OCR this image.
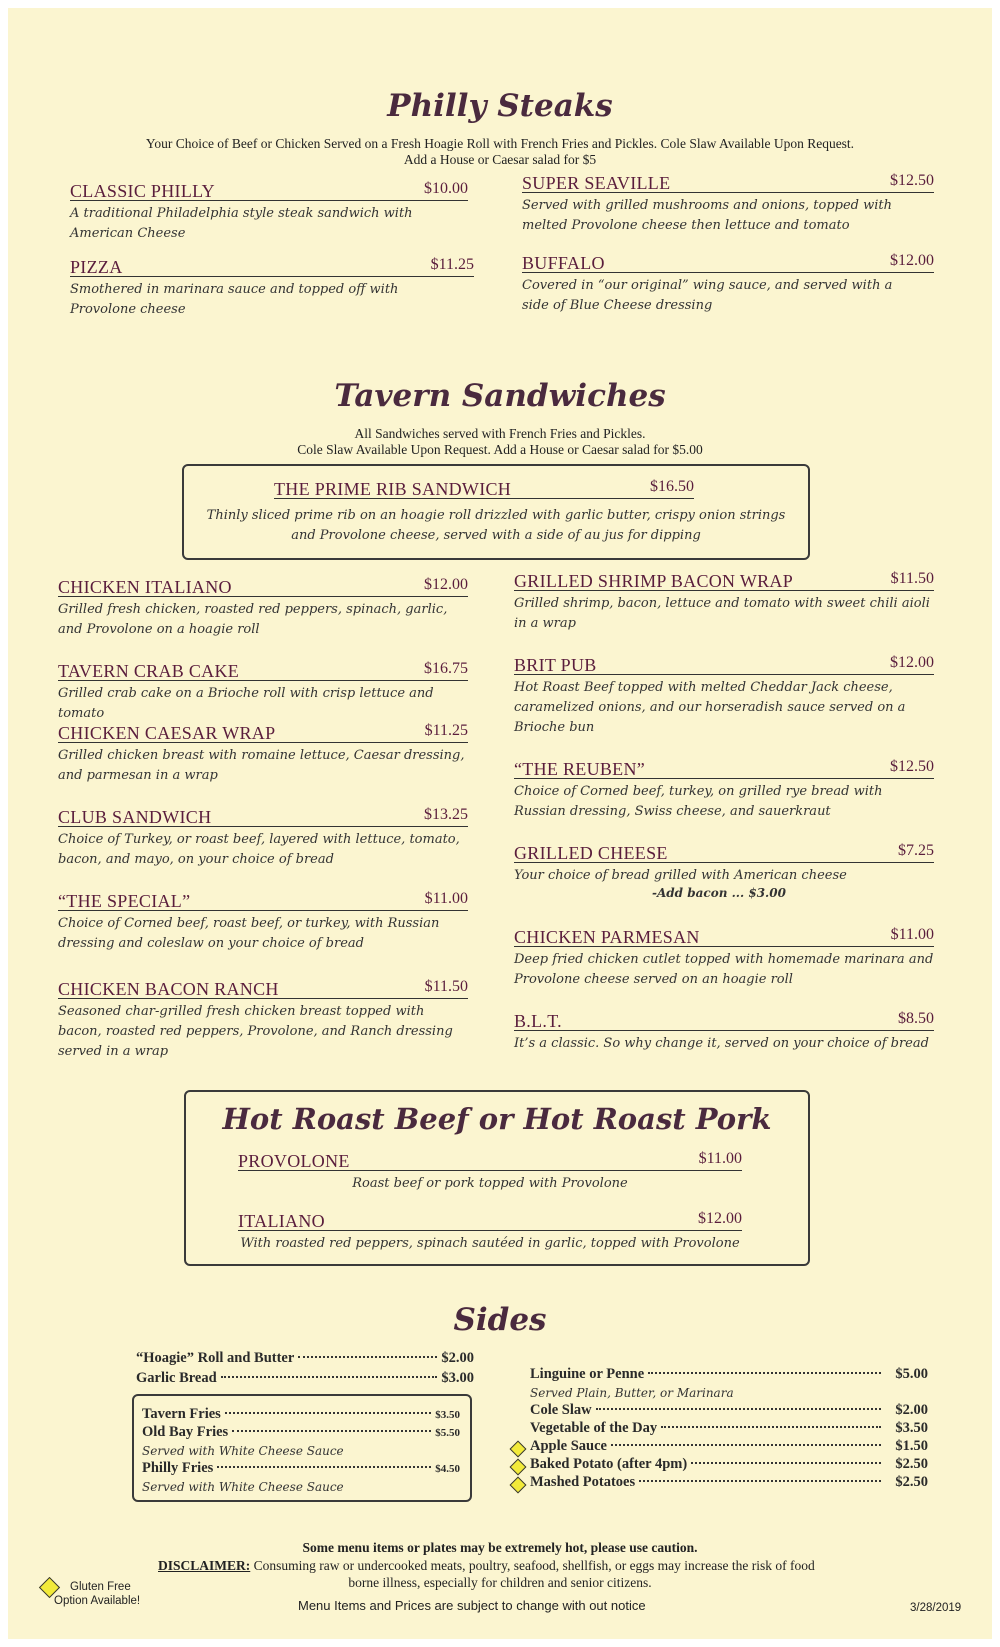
Philly Steaks
Your Choice of Beef or Chicken Served on a Fresh Hoagie Roll with French Fries and Pickles. Cole Slaw Available Upon Request.
Add a House or Caesar salad for $5
CLASSIC PHILLY	$10.00
A traditional Philadelphia style steak sandwich with American Cheese
PIZZA	$11.25
Smothered in marinara sauce and topped off with Provolone cheese
SUPER SEAVILLE	$12.50
Served with grilled mushrooms and onions, topped with melted Provolone cheese then lettuce and tomato
BUFFALO	$12.00
Covered in “our original” wing sauce, and served with a side of Blue Cheese dressing
Tavern Sandwiches
All Sandwiches served with French Fries and Pickles.
Cole Slaw Available Upon Request. Add a House or Caesar salad for $5.00
THE PRIME RIB SANDWICH	$16.50
Thinly sliced prime rib on an hoagie roll drizzled with garlic butter, crispy onion strings and Provolone cheese, served with a side of au jus for dipping
CHICKEN ITALIANO	$12.00
Grilled fresh chicken, roasted red peppers, spinach, garlic, and Provolone on a hoagie roll
TAVERN CRAB CAKE	$16.75
Grilled crab cake on a Brioche roll with crisp lettuce and tomato
CHICKEN CAESAR WRAP	$11.25
Grilled chicken breast with romaine lettuce, Caesar dressing, and parmesan in a wrap
CLUB SANDWICH	$13.25
Choice of Turkey, or roast beef, layered with lettuce, tomato, bacon, and mayo, on your choice of bread
“THE SPECIAL”	$11.00
Choice of Corned beef, roast beef, or turkey, with Russian dressing and coleslaw on your choice of bread
CHICKEN BACON RANCH	$11.50
Seasoned char-grilled fresh chicken breast topped with bacon, roasted red peppers, Provolone, and Ranch dressing served in a wrap
GRILLED SHRIMP BACON WRAP	$11.50
Grilled shrimp, bacon, lettuce and tomato with sweet chili aioli in a wrap
BRIT PUB	$12.00
Hot Roast Beef topped with melted Cheddar Jack cheese, caramelized onions, and our horseradish sauce served on a Brioche bun
“THE REUBEN”	$12.50
Choice of Corned beef, turkey, on grilled rye bread with Russian dressing, Swiss cheese, and sauerkraut
GRILLED CHEESE	$7.25
Your choice of bread grilled with American cheese
-Add bacon ... $3.00
CHICKEN PARMESAN	$11.00
Deep fried chicken cutlet topped with homemade marinara and Provolone cheese served on an hoagie roll
B.L.T.	$8.50
It’s a classic. So why change it, served on your choice of bread
Hot Roast Beef or Hot Roast Pork
PROVOLONE	$11.00
Roast beef or pork topped with Provolone
ITALIANO	$12.00
With roasted red peppers, spinach sautéed in garlic, topped with Provolone
Sides
“Hoagie” Roll and Butter	$2.00
Garlic Bread	$3.00
Tavern Fries	$3.50
Old Bay Fries	$5.50
Served with White Cheese Sauce
Philly Fries	$4.50
Served with White Cheese Sauce
Linguine or Penne	$5.00
Served Plain, Butter, or Marinara
Cole Slaw	$2.00
Vegetable of the Day	$3.50
Apple Sauce	$1.50
Baked Potato (after 4pm)	$2.50
Mashed Potatoes	$2.50
Some menu items or plates may be extremely hot, please use caution.
DISCLAIMER: Consuming raw or undercooked meats, poultry, seafood, shellfish, or eggs may increase the risk of food
borne illness, especially for children and senior citizens.
Gluten Free
Option Available!	Menu Items and Prices are subject to change with out notice	3/28/2019
